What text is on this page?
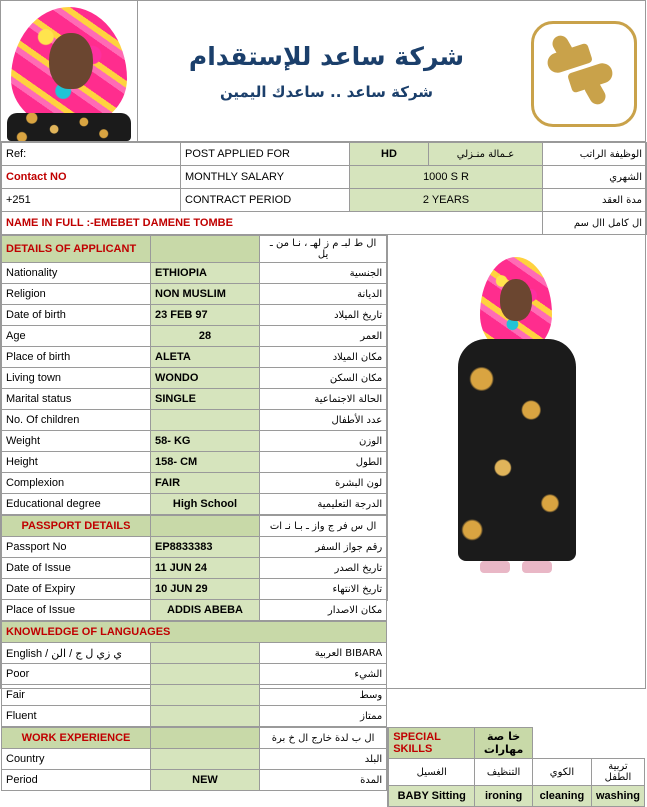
شركة ساعد للإستقدام
شركة ساعد .. ساعدك اليمين
Ref:	POST APPLIED FOR	HD	عـمالة منـزلي	الوظيفة الراتب
Contact NO	MONTHLY SALARY	1000 S R		الشهري
+251	CONTRACT PERIOD	2 YEARS		مدة العقد
NAME IN FULL :-EMEBET DAMENE TOMBE				ال كامل اال سم
DETAILS OF APPLICANT		ال ط لبـ م ز لهـ ، نـا من ـ يل
Nationality	ETHIOPIA	الجنسية
Religion	NON MUSLIM	الديانة
Date of birth	23 FEB 97	تاريخ الميلاد
Age	28	العمر
Place of birth	ALETA	مكان الميلاد
Living town	WONDO	مكان السكن
Marital status	SINGLE	الحالة الاجتماعية
No. Of children		عدد الأطفال
Weight	58- KG	الوزن
Height	158- CM	الطول
Complexion	FAIR	لون البشرة
Educational degree	High School	الدرجة التعليمية
PASSPORT DETAILS		ال س فر ج واز ـ بـا نـ ات
Passport No	EP8833383	رقم جواز السفر
Date of Issue	11 JUN 24	تاريخ الصدر
Date of Expiry	10 JUN 29	تاريخ الانتهاء
Place of Issue	ADDIS ABEBA	مكان الاصدار
KNOWLEDGE OF LANGUAGES		
English / ي زي ل ج / الن		BIBARA العربية
Poor		الشيء
Fair		وسط
Fluent		ممتاز
WORK EXPERIENCE		ال ب لدة خارج ال خ برة
Country		البلد
Period	NEW	المدة
SPECIAL SKILLS	خا صة مهارات		
الغسيل	التنظيف	الكوي	تربية الطفل
BABY Sitting	ironing	cleaning	washing
